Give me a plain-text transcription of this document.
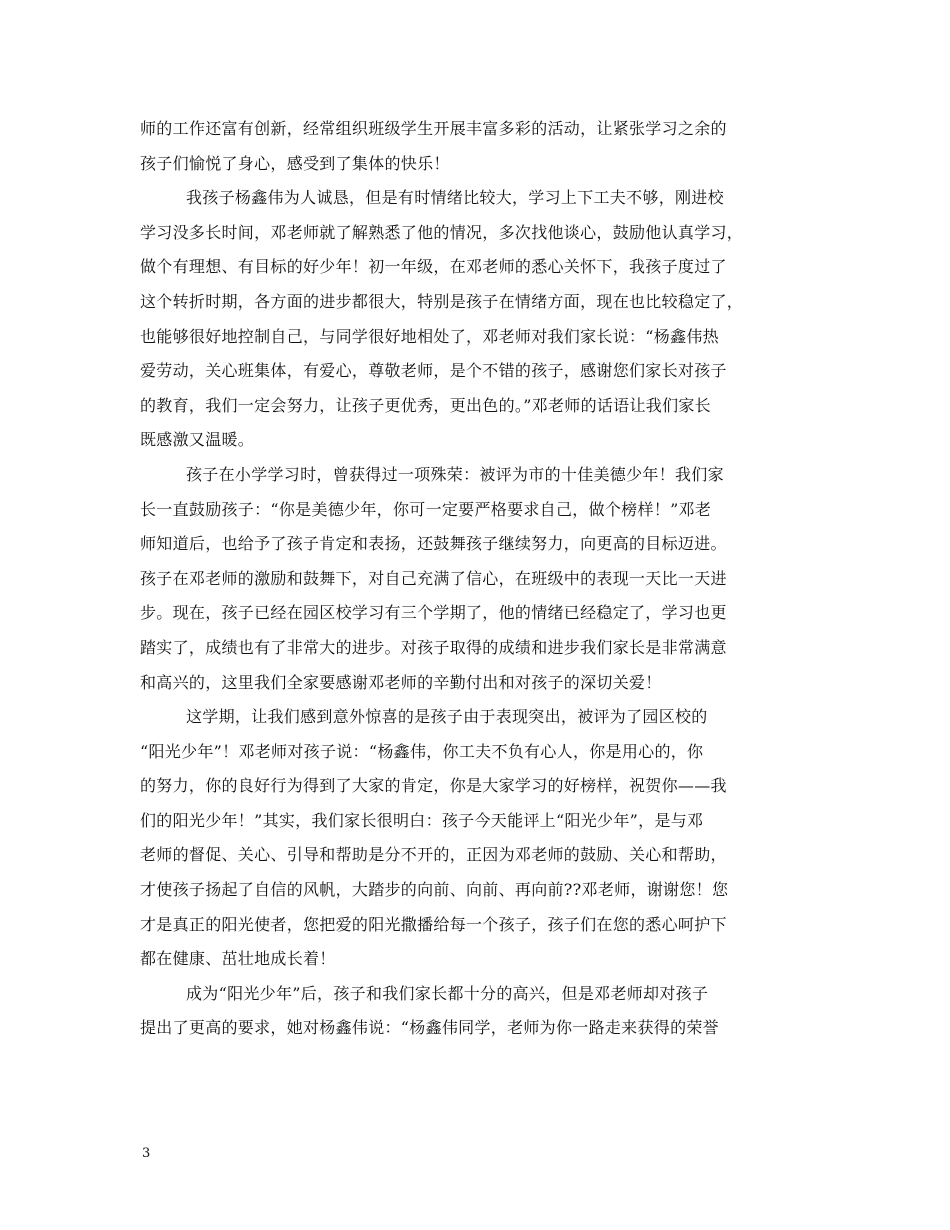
师的工作还富有创新，经常组织班级学生开展丰富多彩的活动，让紧张学习之余的
孩子们愉悦了身心，感受到了集体的快乐！
我孩子杨鑫伟为人诚恳，但是有时情绪比较大，学习上下工夫不够，刚进校
学习没多长时间，邓老师就了解熟悉了他的情况，多次找他谈心，鼓励他认真学习，
做个有理想、有目标的好少年！初一年级，在邓老师的悉心关怀下，我孩子度过了
这个转折时期，各方面的进步都很大，特别是孩子在情绪方面，现在也比较稳定了，
也能够很好地控制自己，与同学很好地相处了，邓老师对我们家长说：“杨鑫伟热
爱劳动，关心班集体，有爱心，尊敬老师，是个不错的孩子，感谢您们家长对孩子
的教育，我们一定会努力，让孩子更优秀，更出色的。”邓老师的话语让我们家长
既感激又温暖。
孩子在小学学习时，曾获得过一项殊荣：被评为市的十佳美德少年！我们家
长一直鼓励孩子：“你是美德少年，你可一定要严格要求自己，做个榜样！”邓老
师知道后，也给予了孩子肯定和表扬，还鼓舞孩子继续努力，向更高的目标迈进。
孩子在邓老师的激励和鼓舞下，对自己充满了信心，在班级中的表现一天比一天进
步。现在，孩子已经在园区校学习有三个学期了，他的情绪已经稳定了，学习也更
踏实了，成绩也有了非常大的进步。对孩子取得的成绩和进步我们家长是非常满意
和高兴的，这里我们全家要感谢邓老师的辛勤付出和对孩子的深切关爱！
这学期，让我们感到意外惊喜的是孩子由于表现突出，被评为了园区校的
“阳光少年”！邓老师对孩子说：“杨鑫伟，你工夫不负有心人，你是用心的，你
的努力，你的良好行为得到了大家的肯定，你是大家学习的好榜样，祝贺你——我
们的阳光少年！”其实，我们家长很明白：孩子今天能评上“阳光少年”，是与邓
老师的督促、关心、引导和帮助是分不开的，正因为邓老师的鼓励、关心和帮助，
才使孩子扬起了自信的风帆，大踏步的向前、向前、再向前??邓老师，谢谢您！您
才是真正的阳光使者，您把爱的阳光撒播给每一个孩子，孩子们在您的悉心呵护下
都在健康、茁壮地成长着！
成为“阳光少年”后，孩子和我们家长都十分的高兴，但是邓老师却对孩子
提出了更高的要求，她对杨鑫伟说：“杨鑫伟同学，老师为你一路走来获得的荣誉
3
